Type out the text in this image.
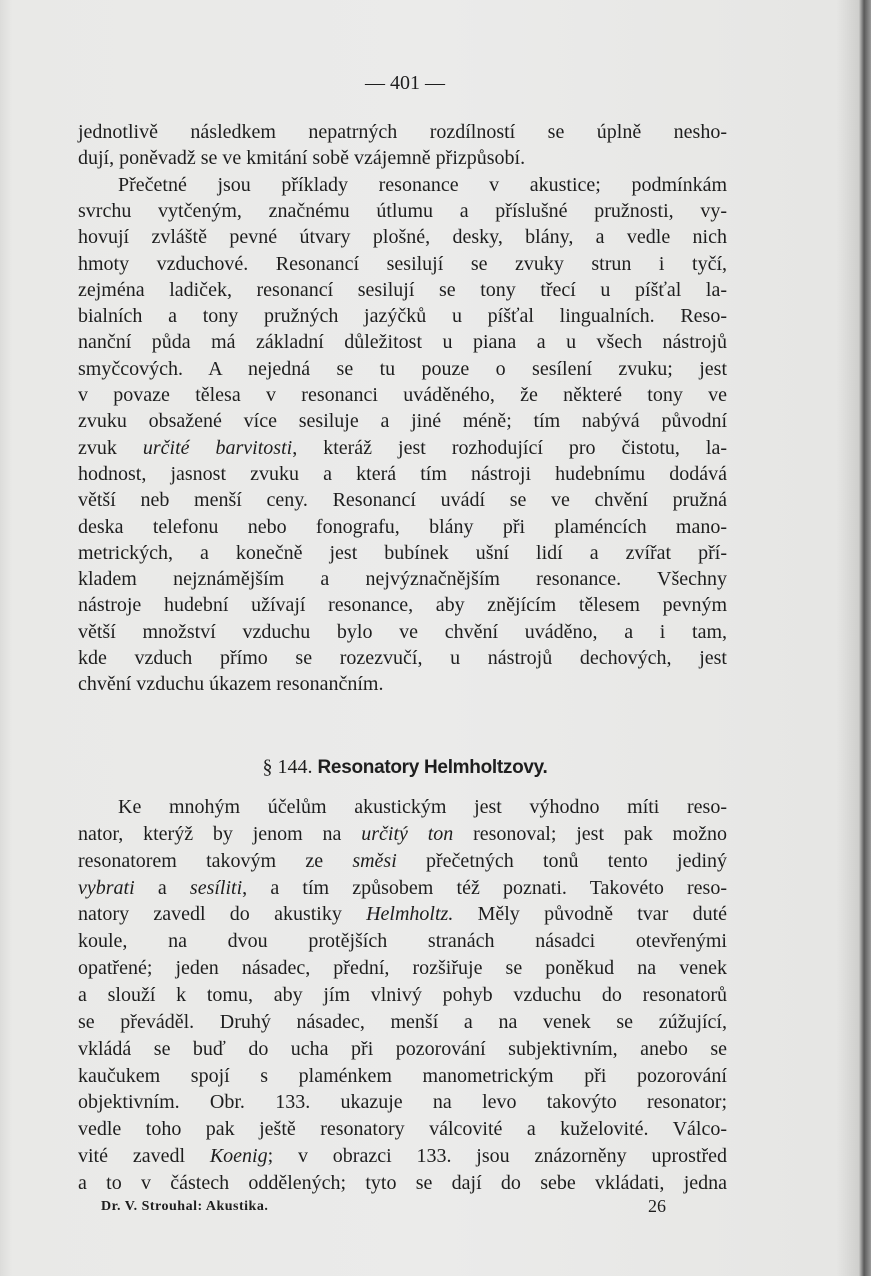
— 401 —
jednotlivě následkem nepatrných rozdílností se úplně nesho-
dují, poněvadž se ve kmitání sobě vzájemně přizpůsobí.
Přečetné jsou příklady resonance v akustice; podmínkám
svrchu vytčeným, značnému útlumu a příslušné pružnosti, vy-
hovují zvláště pevné útvary plošné, desky, blány, a vedle nich
hmoty vzduchové. Resonancí sesilují se zvuky strun i tyčí,
zejména ladiček, resonancí sesilují se tony třecí u píšťal la-
bialních a tony pružných jazýčků u píšťal lingualních. Reso-
nanční půda má základní důležitost u piana a u všech nástrojů
smyčcových. A nejedná se tu pouze o sesílení zvuku; jest
v povaze tělesa v resonanci uváděného, že některé tony ve
zvuku obsažené více sesiluje a jiné méně; tím nabývá původní
zvuk určité barvitosti, kteráž jest rozhodující pro čistotu, la-
hodnost, jasnost zvuku a která tím nástroji hudebnímu dodává
větší neb menší ceny. Resonancí uvádí se ve chvění pružná
deska telefonu nebo fonografu, blány při plaméncích mano-
metrických, a konečně jest bubínek ušní lidí a zvířat pří-
kladem nejznámějším a nejvýznačnějším resonance. Všechny
nástroje hudební užívají resonance, aby znějícím tělesem pevným
větší množství vzduchu bylo ve chvění uváděno, a i tam,
kde vzduch přímo se rozezvučí, u nástrojů dechových, jest
chvění vzduchu úkazem resonančním.
§ 144. Resonatory Helmholtzovy.
Ke mnohým účelům akustickým jest výhodno míti reso-
nator, kterýž by jenom na určitý ton resonoval; jest pak možno
resonatorem takovým ze směsi přečetných tonů tento jediný
vybrati a sesíliti, a tím způsobem též poznati. Takovéto reso-
natory zavedl do akustiky Helmholtz. Měly původně tvar duté
koule, na dvou protějších stranách násadci otevřenými
opatřené; jeden násadec, přední, rozšiřuje se poněkud na venek
a slouží k tomu, aby jím vlnivý pohyb vzduchu do resonatorů
se převáděl. Druhý násadec, menší a na venek se zúžující,
vkládá se buď do ucha při pozorování subjektivním, anebo se
kaučukem spojí s plaménkem manometrickým při pozorování
objektivním. Obr. 133. ukazuje na levo takovýto resonator;
vedle toho pak ještě resonatory válcovité a kuželovité. Válco-
vité zavedl Koenig; v obrazci 133. jsou znázorněny uprostřed
a to v částech oddělených; tyto se dají do sebe vkládati, jedna
Dr. V. Strouhal: Akustika.	26
